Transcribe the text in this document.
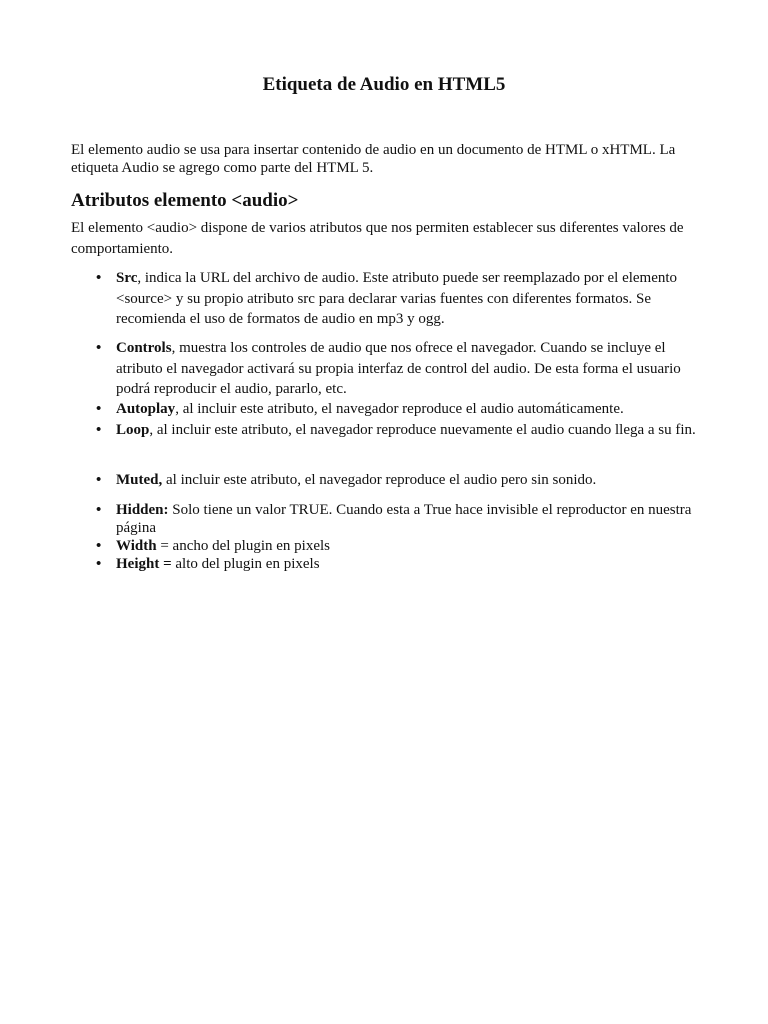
Etiqueta de Audio en HTML5

El elemento audio se usa para insertar contenido de audio en un documento de HTML o xHTML. La etiqueta Audio se agrego como parte del HTML 5.

Atributos elemento <audio>

El elemento <audio> dispone de varios atributos que nos permiten establecer sus diferentes valores de comportamiento.

• Src, indica la URL del archivo de audio. Este atributo puede ser reemplazado por el elemento <source> y su propio atributo src para declarar varias fuentes con diferentes formatos. Se recomienda el uso de formatos de audio en mp3 y ogg.
• Controls, muestra los controles de audio que nos ofrece el navegador. Cuando se incluye el atributo el navegador activará su propia interfaz de control del audio. De esta forma el usuario podrá reproducir el audio, pararlo, etc.
• Autoplay, al incluir este atributo, el navegador reproduce el audio automáticamente.
• Loop, al incluir este atributo, el navegador reproduce nuevamente el audio cuando llega a su fin.
• Muted, al incluir este atributo, el navegador reproduce el audio pero sin sonido.
• Hidden: Solo tiene un valor TRUE. Cuando esta a True hace invisible el reproductor en nuestra página
• Width = ancho del plugin en pixels
• Height = alto del plugin en pixels
